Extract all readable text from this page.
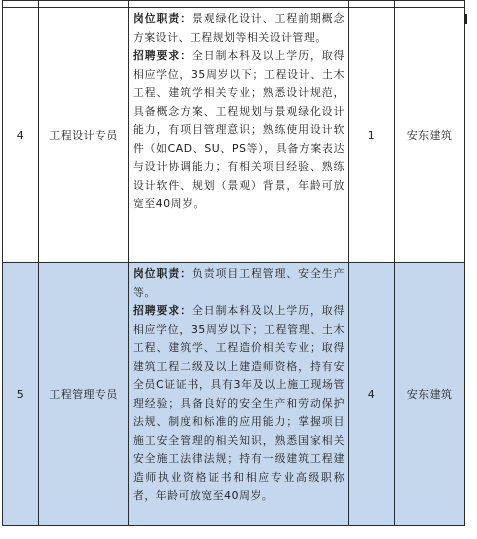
4	工程设计专员	岗位职责：景观绿化设计、工程前期概念方案设计、工程规划等相关设计管理。

招聘要求：全日制本科及以上学历，取得相应学位，35周岁以下；工程设计、土木工程、建筑学相关专业；熟悉设计规范，具备概念方案、工程规划与景观绿化设计能力，有项目管理意识；熟练使用设计软件（如CAD、SU、PS等），具备方案表达与设计协调能力；有相关项目经验、熟练设计软件、规划（景观）背景，年龄可放宽至40周岁。	1	安东建筑
5	工程管理专员	岗位职责：负责项目工程管理、安全生产等。

招聘要求：全日制本科及以上学历，取得相应学位，35周岁以下；工程管理、土木工程、建筑学、工程造价相关专业；取得建筑工程二级及以上建造师资格，持有安全员C证证书，具有3年及以上施工现场管理经验；具备良好的安全生产和劳动保护法规、制度和标准的应用能力；掌握项目施工安全管理的相关知识，熟悉国家相关安全施工法律法规；持有一级建筑工程建造师执业资格证书和相应专业高级职称者，年龄可放宽至40周岁。	4	安东建筑
